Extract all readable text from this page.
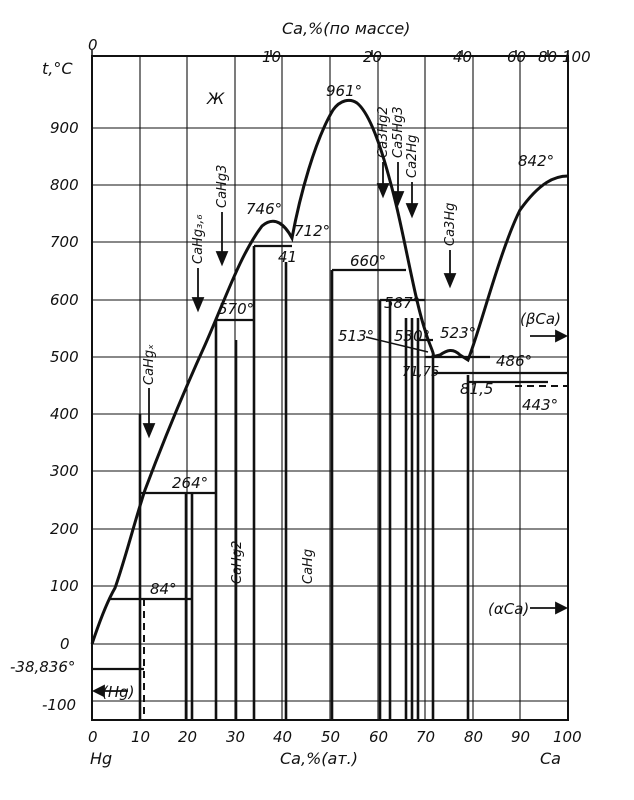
t,°C
Ca,%(по массе)
Ca,%(ат.)
Hg	Ca
900
800
700
600
500
400
300
200
100
0
-100
0 10 20 30 40 50 60 70 80 90 100
0
10	20	40 60 80 100
Ж
(βCa)
(αCa)
(Hg)
CaHgₓ
CaHg₃,₆
CaHg3
CaHg2	CaHg
Ca3Hg2 Ca5Hg3 Ca2Hg
Ca3Hg
961°
842°
746°
712°
41	660°
570°	587°
513° 530° 523°
486°
71,75
81,5
443°
264°
84°
-38,836°
